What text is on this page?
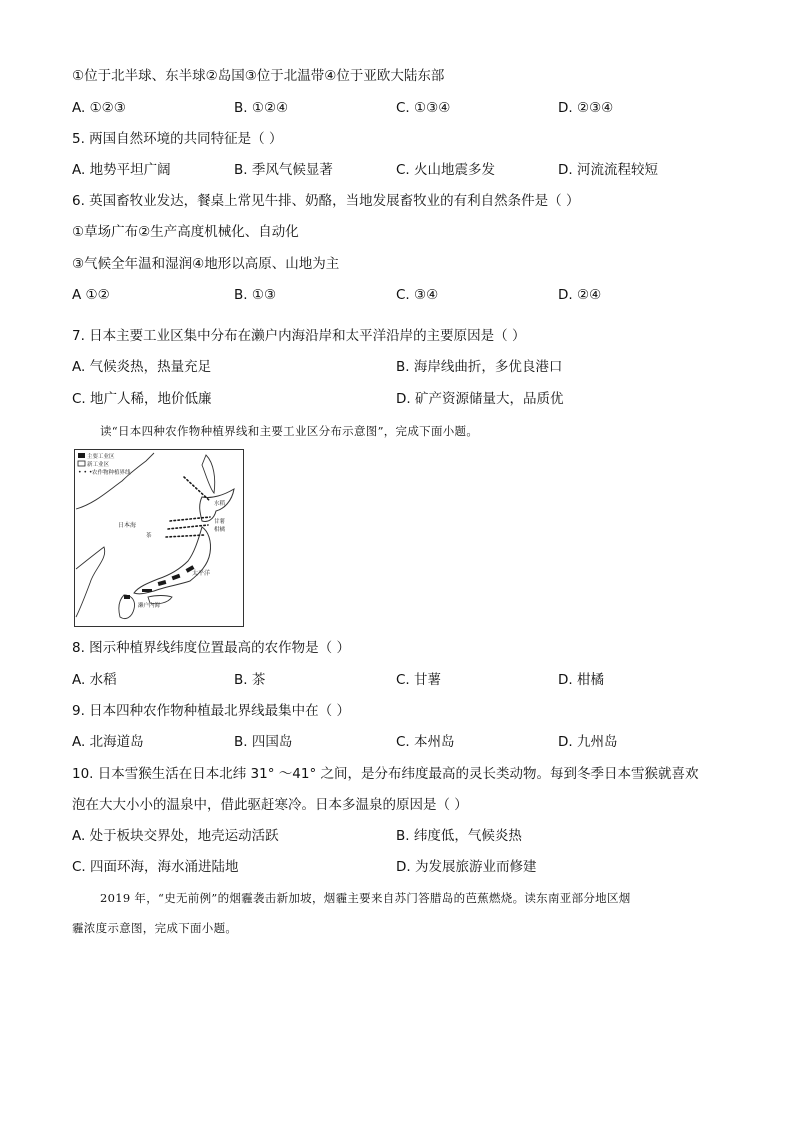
①位于北半球、东半球②岛国③位于北温带④位于亚欧大陆东部
A. ①②③	B. ①②④	C. ①③④	D. ②③④
5. 两国自然环境的共同特征是（ ）
A. 地势平坦广阔	B. 季风气候显著	C. 火山地震多发	D. 河流流程较短
6. 英国畜牧业发达，餐桌上常见牛排、奶酪，当地发展畜牧业的有利自然条件是（ ）
①草场广布②生产高度机械化、自动化
③气候全年温和湿润④地形以高原、山地为主
A ①②	B. ①③	C. ③④	D. ②④
7. 日本主要工业区集中分布在濑户内海沿岸和太平洋沿岸的主要原因是（ ）
A. 气候炎热，热量充足	B. 海岸线曲折，多优良港口
C. 地广人稀，地价低廉	D. 矿产资源储量大，品质优
读“日本四种农作物种植界线和主要工业区分布示意图”，完成下面小题。
主要工业区
新工业区
• • • 农作物种植界线
日本海
水稻
甘薯
柑橘
茶
太平洋
濑户内海
8. 图示种植界线纬度位置最高的农作物是（ ）
A. 水稻	B. 茶	C. 甘薯	D. 柑橘
9. 日本四种农作物种植最北界线最集中在（ ）
A. 北海道岛	B. 四国岛	C. 本州岛	D. 九州岛
10. 日本雪猴生活在日本北纬 31° ～41° 之间，是分布纬度最高的灵长类动物。每到冬季日本雪猴就喜欢
泡在大大小小的温泉中，借此驱赶寒冷。日本多温泉的原因是（ ）
A. 处于板块交界处，地壳运动活跃	B. 纬度低，气候炎热
C. 四面环海，海水涌进陆地	D. 为发展旅游业而修建
2019 年，“史无前例”的烟霾袭击新加坡，烟霾主要来自苏门答腊岛的芭蕉燃烧。读东南亚部分地区烟
霾浓度示意图，完成下面小题。
